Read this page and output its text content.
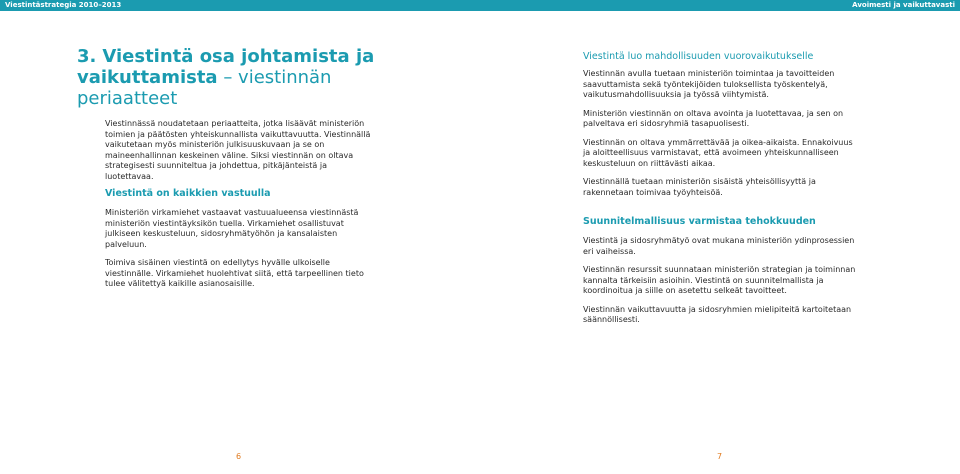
Viestintästrategia 2010–2013	Avoimesti ja vaikuttavasti
3. Viestintä osa johtamista ja vaikuttamista – viestinnän periaatteet

Viestinnässä noudatetaan periaatteita, jotka lisäävät ministeriön toimien ja päätösten yhteiskunnallista vaikuttavuutta. Viestinnällä vaikutetaan myös ministeriön julkisuuskuvaan ja se on maineenhallinnan keskeinen väline. Siksi viestinnän on oltava strategisesti suunniteltua ja johdettua, pitkäjänteistä ja luotettavaa.

Viestintä on kaikkien vastuulla

Ministeriön virkamiehet vastaavat vastuualueensa viestinnästä ministeriön viestintäyksikön tuella. Virkamiehet osallistuvat julkiseen keskusteluun, sidosryhmätyöhön ja kansalaisten palveluun.

Toimiva sisäinen viestintä on edellytys hyvälle ulkoiselle viestinnälle. Virkamiehet huolehtivat siitä, että tarpeellinen tieto tulee välitettyä kaikille asianosaisille.

Viestintä luo mahdollisuuden vuorovaikutukselle

Viestinnän avulla tuetaan ministeriön toimintaa ja tavoitteiden saavuttamista sekä työntekijöiden tuloksellista työskentelyä, vaikutusmahdollisuuksia ja työssä viihtymistä.

Ministeriön viestinnän on oltava avointa ja luotettavaa, ja sen on palveltava eri sidosryhmiä tasapuolisesti.

Viestinnän on oltava ymmärrettävää ja oikea-aikaista. Ennakoivuus ja aloitteellisuus varmistavat, että avoimeen yhteiskunnalliseen keskusteluun on riittävästi aikaa.

Viestinnällä tuetaan ministeriön sisäistä yhteisöllisyyttä ja rakennetaan toimivaa työyhteisöä.

Suunnitelmallisuus varmistaa tehokkuuden

Viestintä ja sidosryhmätyö ovat mukana ministeriön ydinprosessien eri vaiheissa.

Viestinnän resurssit suunnataan ministeriön strategian ja toiminnan kannalta tärkeisiin asioihin. Viestintä on suunnitelmallista ja koordinoitua ja siille on asetettu selkeät tavoitteet.

Viestinnän vaikuttavuutta ja sidosryhmien mielipiteitä kartoitetaan säännöllisesti.

6	7
